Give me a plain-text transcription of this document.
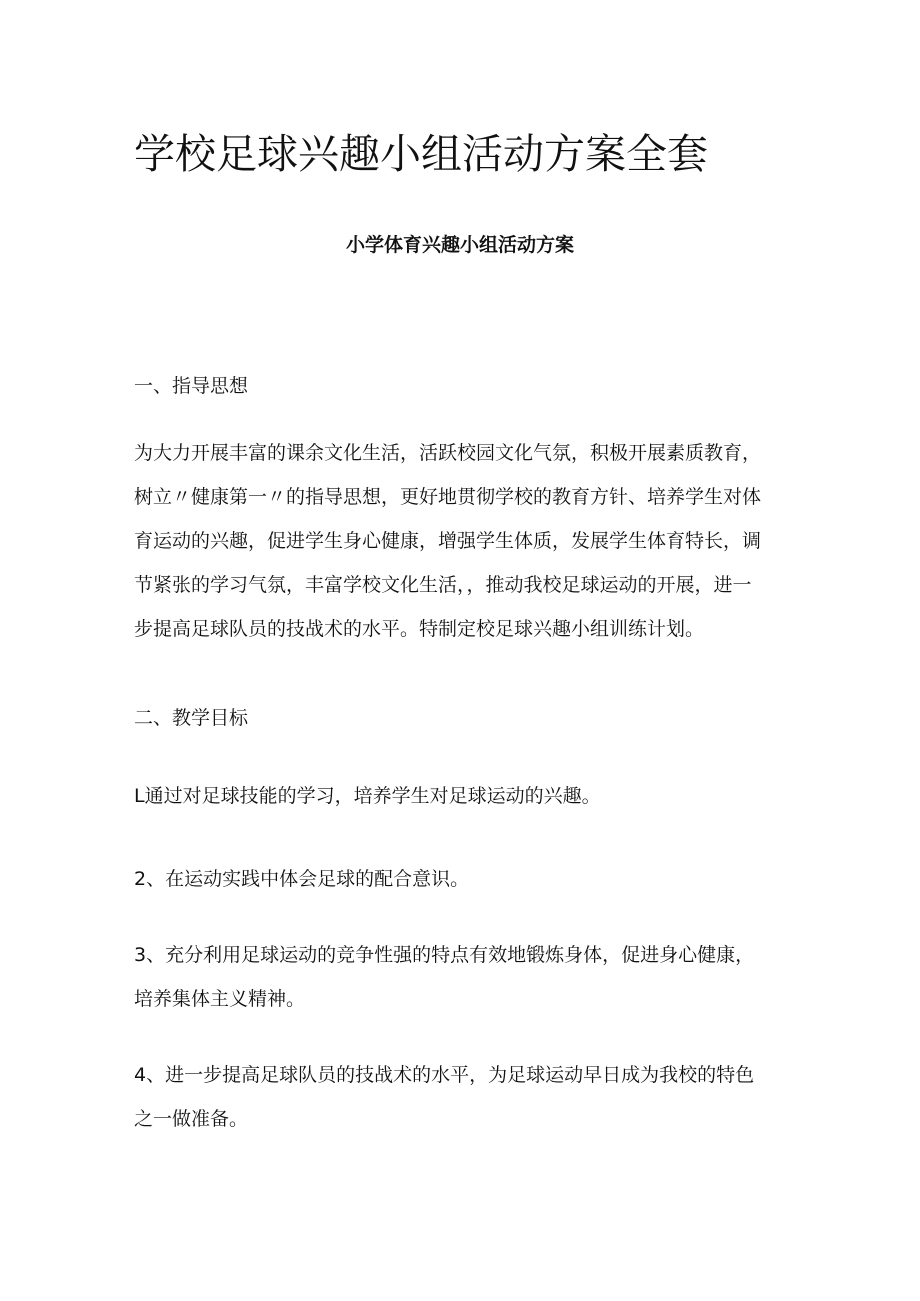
学校足球兴趣小组活动方案全套
小学体育兴趣小组活动方案

一、指导思想

为大力开展丰富的课余文化生活，活跃校园文化气氛，积极开展素质教育，
树立〃健康第一〃的指导思想，更好地贯彻学校的教育方针、培养学生对体
育运动的兴趣，促进学生身心健康，增强学生体质，发展学生体育特长，调
节紧张的学习气氛，丰富学校文化生活，，推动我校足球运动的开展，进一
步提高足球队员的技战术的水平。特制定校足球兴趣小组训练计划。

二、教学目标

L通过对足球技能的学习，培养学生对足球运动的兴趣。

2、在运动实践中体会足球的配合意识。

3、充分利用足球运动的竞争性强的特点有效地锻炼身体，促进身心健康，
培养集体主义精神。

4、进一步提高足球队员的技战术的水平，为足球运动早日成为我校的特色
之一做准备。
